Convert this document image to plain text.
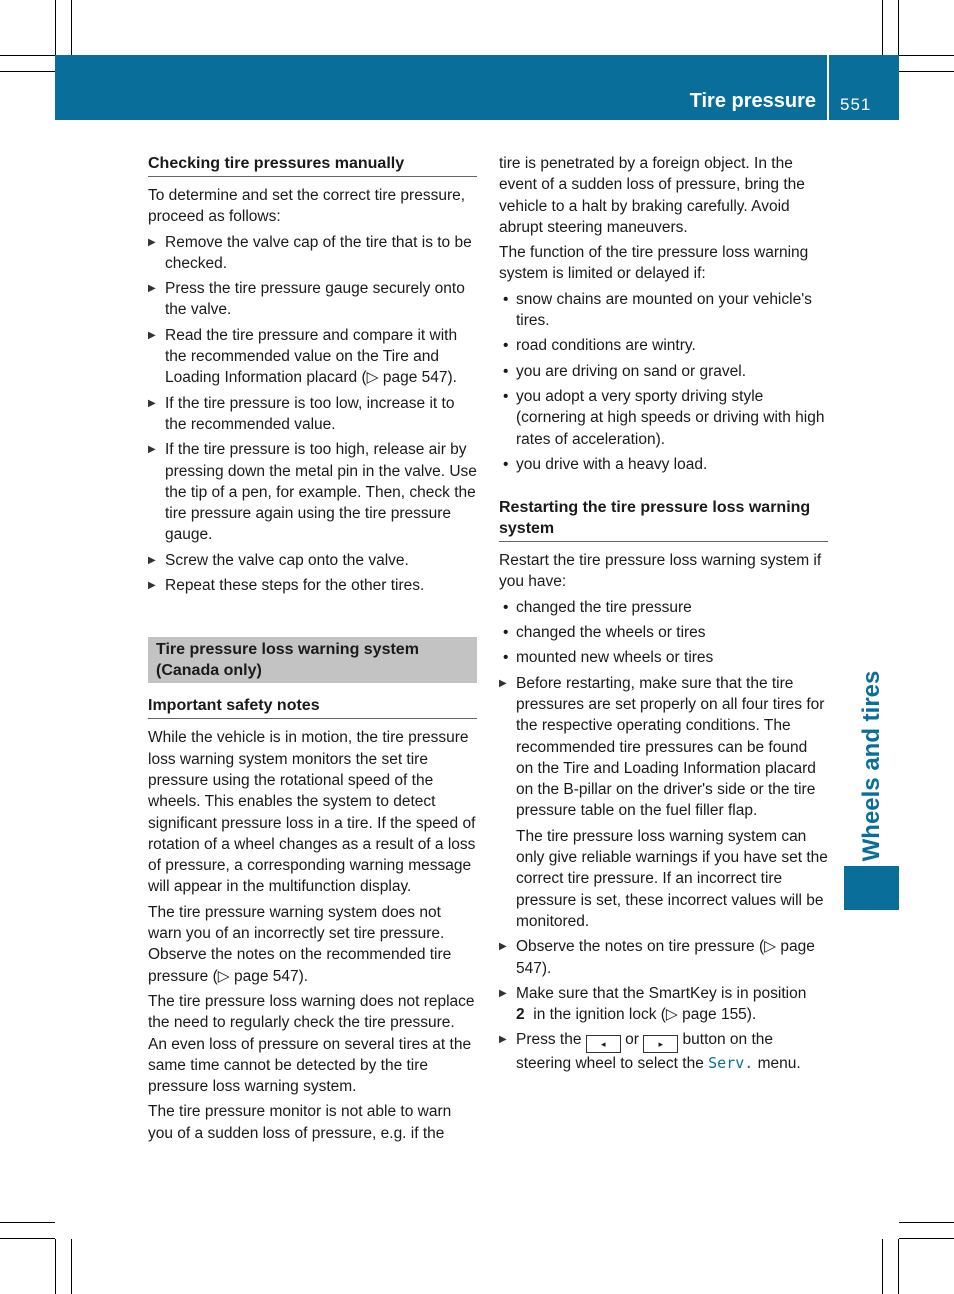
Tire pressure 551
Wheels and tires
Checking tire pressures manually

To determine and set the correct tire pressure, proceed as follows:

▶ Remove the valve cap of the tire that is to be checked.
▶ Press the tire pressure gauge securely onto the valve.
▶ Read the tire pressure and compare it with the recommended value on the Tire and Loading Information placard (▷ page 547).
▶ If the tire pressure is too low, increase it to the recommended value.
▶ If the tire pressure is too high, release air by pressing down the metal pin in the valve. Use the tip of a pen, for example. Then, check the tire pressure again using the tire pressure gauge.
▶ Screw the valve cap onto the valve.
▶ Repeat these steps for the other tires.
Tire pressure loss warning system (Canada only)
Important safety notes

While the vehicle is in motion, the tire pressure loss warning system monitors the set tire pressure using the rotational speed of the wheels. This enables the system to detect significant pressure loss in a tire. If the speed of rotation of a wheel changes as a result of a loss of pressure, a corresponding warning message will appear in the multifunction display.

The tire pressure warning system does not warn you of an incorrectly set tire pressure. Observe the notes on the recommended tire pressure (▷ page 547).

The tire pressure loss warning does not replace the need to regularly check the tire pressure. An even loss of pressure on several tires at the same time cannot be detected by the tire pressure loss warning system.

The tire pressure monitor is not able to warn you of a sudden loss of pressure, e.g. if the

tire is penetrated by a foreign object. In the event of a sudden loss of pressure, bring the vehicle to a halt by braking carefully. Avoid abrupt steering maneuvers.

The function of the tire pressure loss warning system is limited or delayed if:

• snow chains are mounted on your vehicle's tires.
• road conditions are wintry.
• you are driving on sand or gravel.
• you adopt a very sporty driving style (cornering at high speeds or driving with high rates of acceleration).
• you drive with a heavy load.
Restarting the tire pressure loss warning system

Restart the tire pressure loss warning system if you have:

• changed the tire pressure
• changed the wheels or tires
• mounted new wheels or tires
▶ Before restarting, make sure that the tire pressures are set properly on all four tires for the respective operating conditions. The recommended tire pressures can be found on the Tire and Loading Information placard on the B-pillar on the driver's side or the tire pressure table on the fuel filler flap.

The tire pressure loss warning system can only give reliable warnings if you have set the correct tire pressure. If an incorrect tire pressure is set, these incorrect values will be monitored.

▶ Observe the notes on tire pressure (▷ page 547).
▶ Make sure that the SmartKey is in position
2 in the ignition lock (▷ page 155).
▶ Press the ◂ or ▸ button on the steering wheel to select the Serv. menu.
